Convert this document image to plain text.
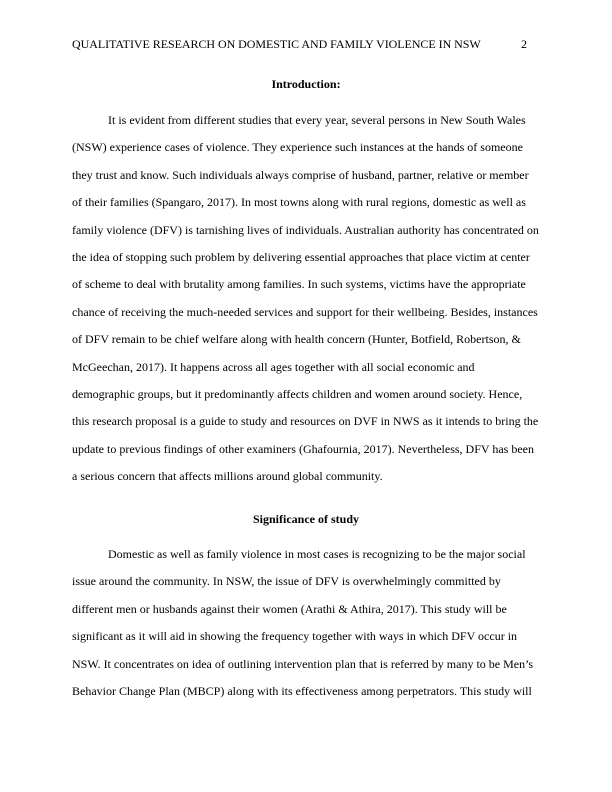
QUALITATIVE RESEARCH ON DOMESTIC AND FAMILY VIOLENCE IN NSW	2
Introduction:
It is evident from different studies that every year, several persons in New South Wales
(NSW) experience cases of violence. They experience such instances at the hands of someone
they trust and know. Such individuals always comprise of husband, partner, relative or member
of their families (Spangaro, 2017). In most towns along with rural regions, domestic as well as
family violence (DFV) is tarnishing lives of individuals. Australian authority has concentrated on
the idea of stopping such problem by delivering essential approaches that place victim at center
of scheme to deal with brutality among families. In such systems, victims have the appropriate
chance of receiving the much-needed services and support for their wellbeing. Besides, instances
of DFV remain to be chief welfare along with health concern (Hunter, Botfield, Robertson, &
McGeechan, 2017). It happens across all ages together with all social economic and
demographic groups, but it predominantly affects children and women around society. Hence,
this research proposal is a guide to study and resources on DVF in NWS as it intends to bring the
update to previous findings of other examiners (Ghafournia, 2017). Nevertheless, DFV has been
a serious concern that affects millions around global community.
Significance of study
Domestic as well as family violence in most cases is recognizing to be the major social
issue around the community. In NSW, the issue of DFV is overwhelmingly committed by
different men or husbands against their women (Arathi & Athira, 2017). This study will be
significant as it will aid in showing the frequency together with ways in which DFV occur in
NSW. It concentrates on idea of outlining intervention plan that is referred by many to be Men’s
Behavior Change Plan (MBCP) along with its effectiveness among perpetrators. This study will
